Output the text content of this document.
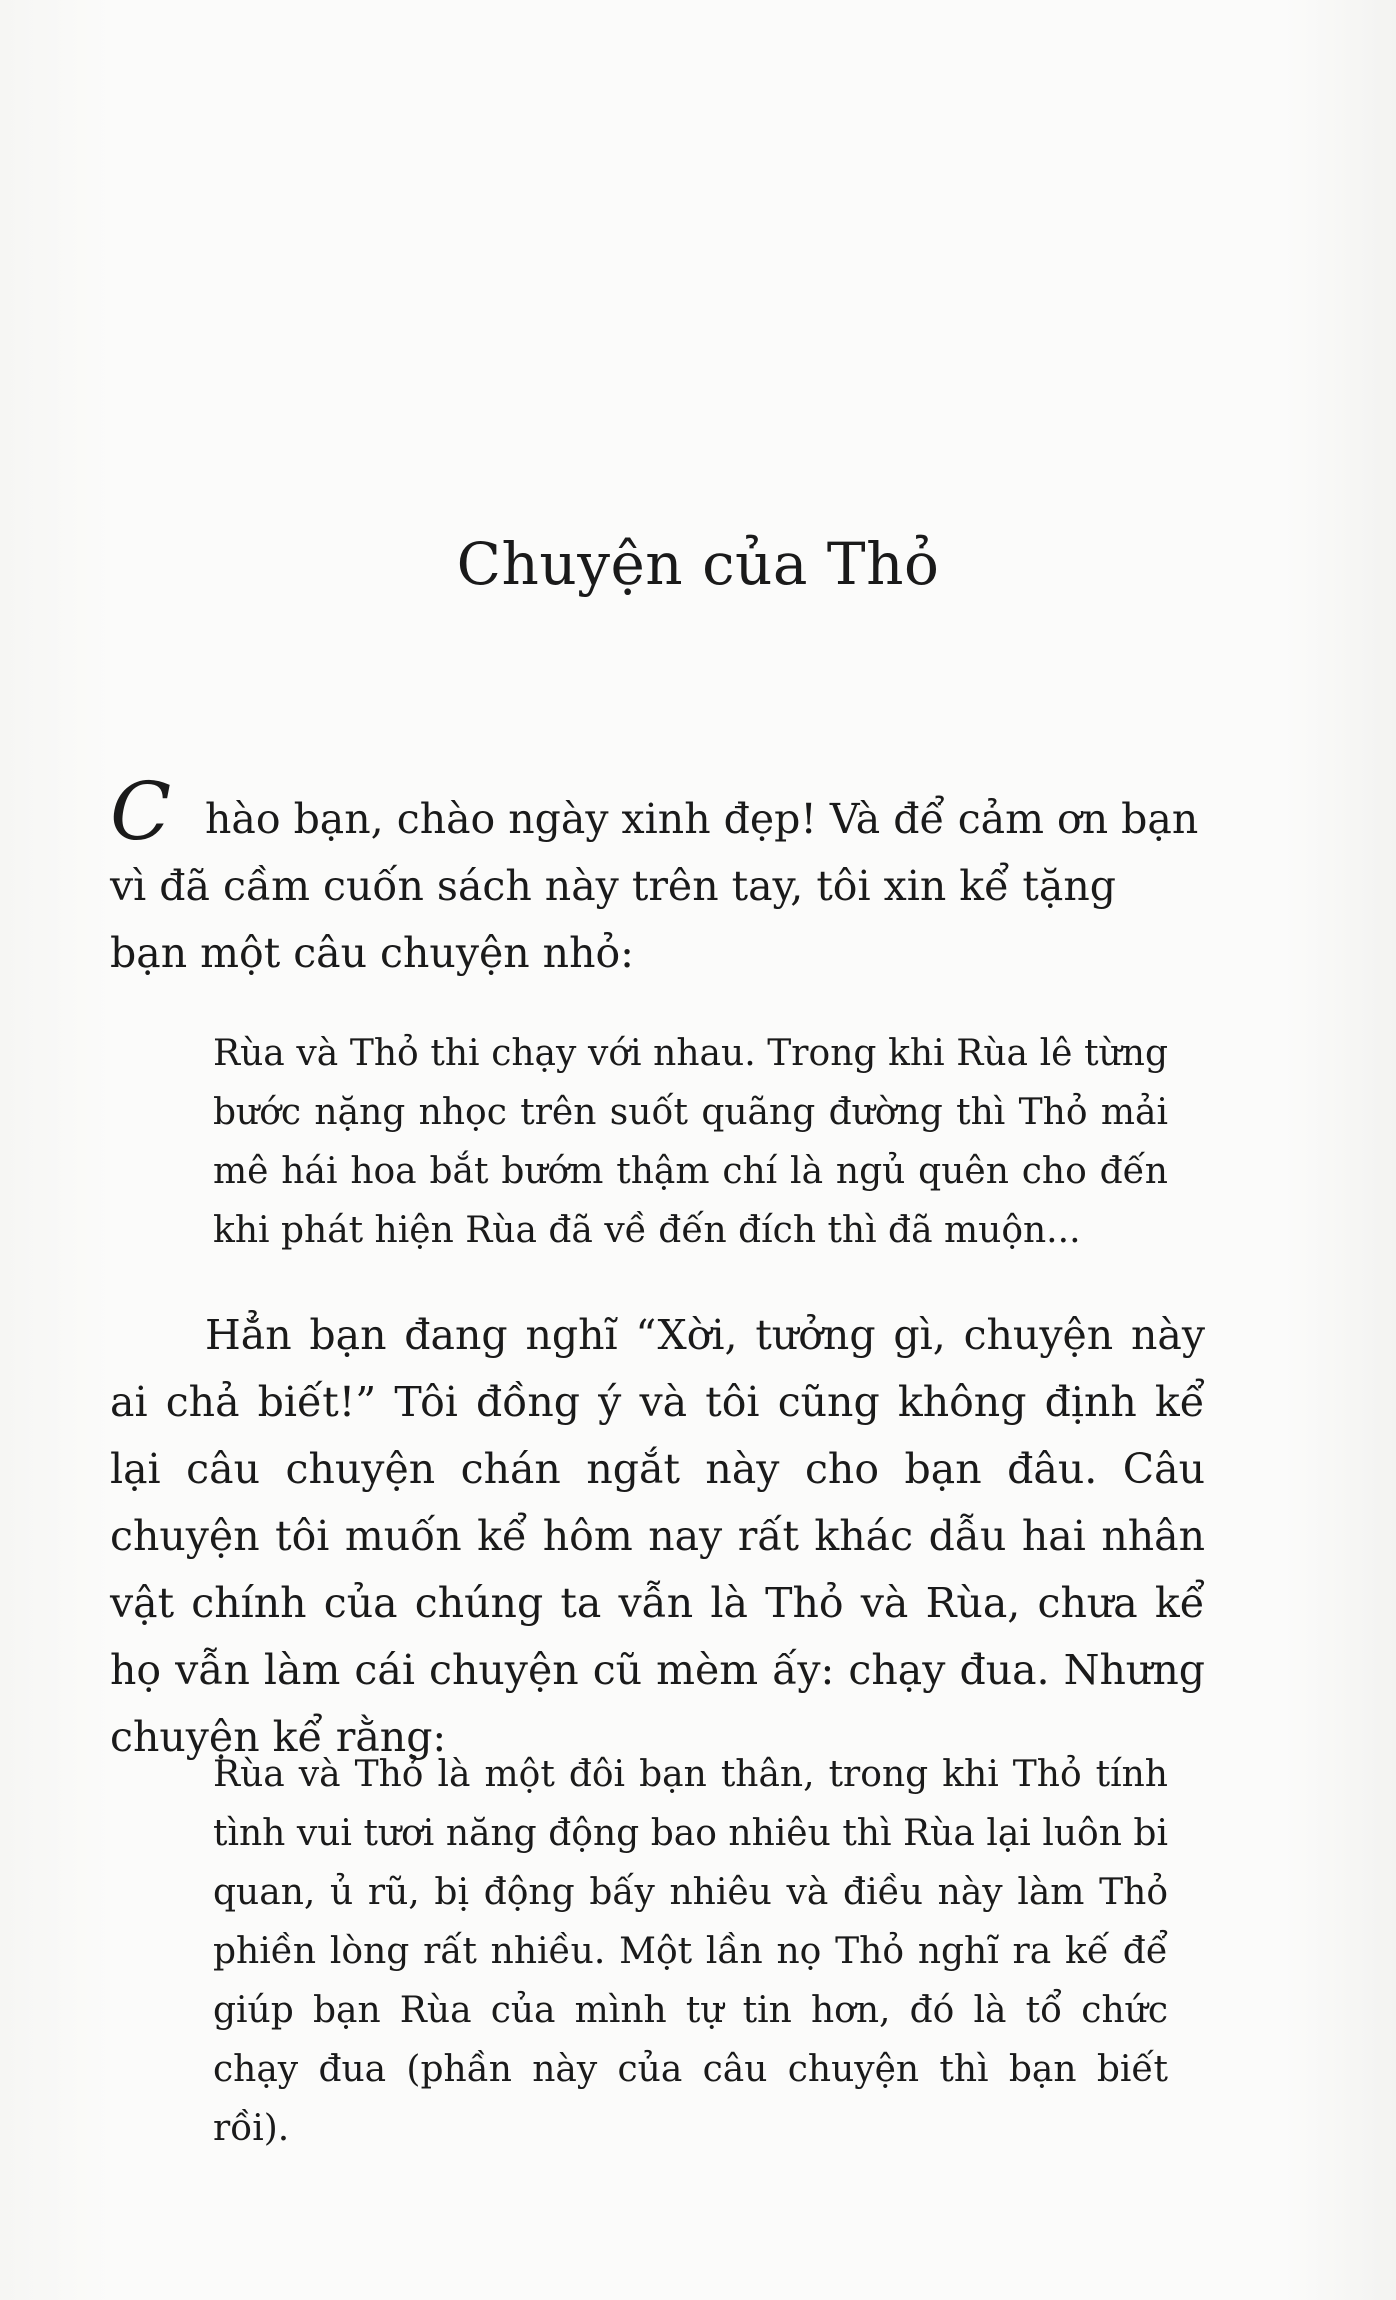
Chuyện của Thỏ

Chào bạn, chào ngày xinh đẹp! Và để cảm ơn bạn vì đã cầm cuốn sách này trên tay, tôi xin kể tặng bạn một câu chuyện nhỏ:

Rùa và Thỏ thi chạy với nhau. Trong khi Rùa lê từng bước nặng nhọc trên suốt quãng đường thì Thỏ mải mê hái hoa bắt bướm thậm chí là ngủ quên cho đến khi phát hiện Rùa đã về đến đích thì đã muộn...

Hẳn bạn đang nghĩ “Xời, tưởng gì, chuyện này ai chả biết!” Tôi đồng ý và tôi cũng không định kể lại câu chuyện chán ngắt này cho bạn đâu. Câu chuyện tôi muốn kể hôm nay rất khác dẫu hai nhân vật chính của chúng ta vẫn là Thỏ và Rùa, chưa kể họ vẫn làm cái chuyện cũ mèm ấy: chạy đua. Nhưng chuyện kể rằng:

Rùa và Thỏ là một đôi bạn thân, trong khi Thỏ tính tình vui tươi năng động bao nhiêu thì Rùa lại luôn bi quan, ủ rũ, bị động bấy nhiêu và điều này làm Thỏ phiền lòng rất nhiều. Một lần nọ Thỏ nghĩ ra kế để giúp bạn Rùa của mình tự tin hơn, đó là tổ chức chạy đua (phần này của câu chuyện thì bạn biết rồi).
